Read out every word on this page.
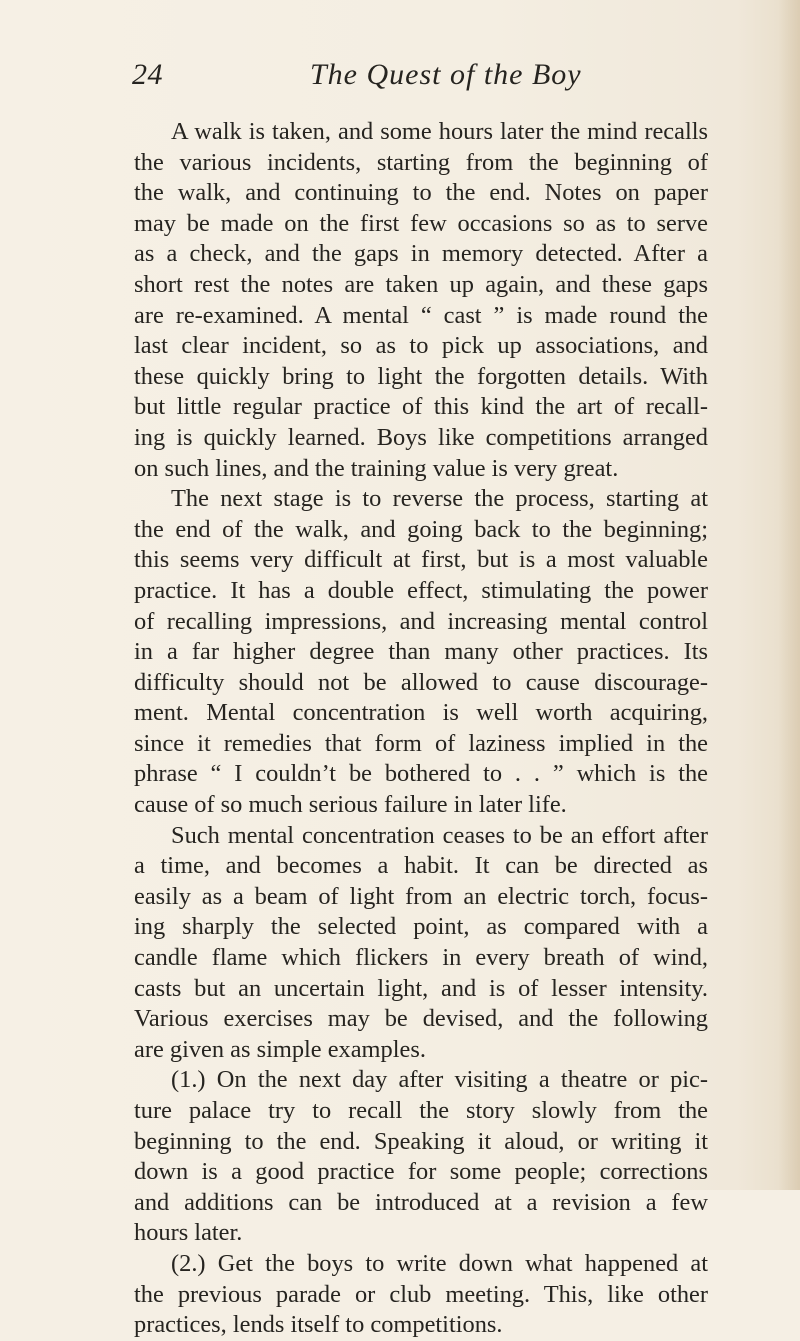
24	The Quest of the Boy
A walk is taken, and some hours later the mind recalls
the various incidents, starting from the beginning of
the walk, and continuing to the end. Notes on paper
may be made on the first few occasions so as to serve
as a check, and the gaps in memory detected. After a
short rest the notes are taken up again, and these gaps
are re-examined. A mental “ cast ” is made round the
last clear incident, so as to pick up associations, and
these quickly bring to light the forgotten details. With
but little regular practice of this kind the art of recall-
ing is quickly learned. Boys like competitions arranged
on such lines, and the training value is very great.
The next stage is to reverse the process, starting at
the end of the walk, and going back to the beginning;
this seems very difficult at first, but is a most valuable
practice. It has a double effect, stimulating the power
of recalling impressions, and increasing mental control
in a far higher degree than many other practices. Its
difficulty should not be allowed to cause discourage-
ment. Mental concentration is well worth acquiring,
since it remedies that form of laziness implied in the
phrase “ I couldn’t be bothered to . . ” which is the
cause of so much serious failure in later life.
Such mental concentration ceases to be an effort after
a time, and becomes a habit. It can be directed as
easily as a beam of light from an electric torch, focus-
ing sharply the selected point, as compared with a
candle flame which flickers in every breath of wind,
casts but an uncertain light, and is of lesser intensity.
Various exercises may be devised, and the following
are given as simple examples.
(1.) On the next day after visiting a theatre or pic-
ture palace try to recall the story slowly from the
beginning to the end. Speaking it aloud, or writing it
down is a good practice for some people; corrections
and additions can be introduced at a revision a few
hours later.
(2.) Get the boys to write down what happened at
the previous parade or club meeting. This, like other
practices, lends itself to competitions.
